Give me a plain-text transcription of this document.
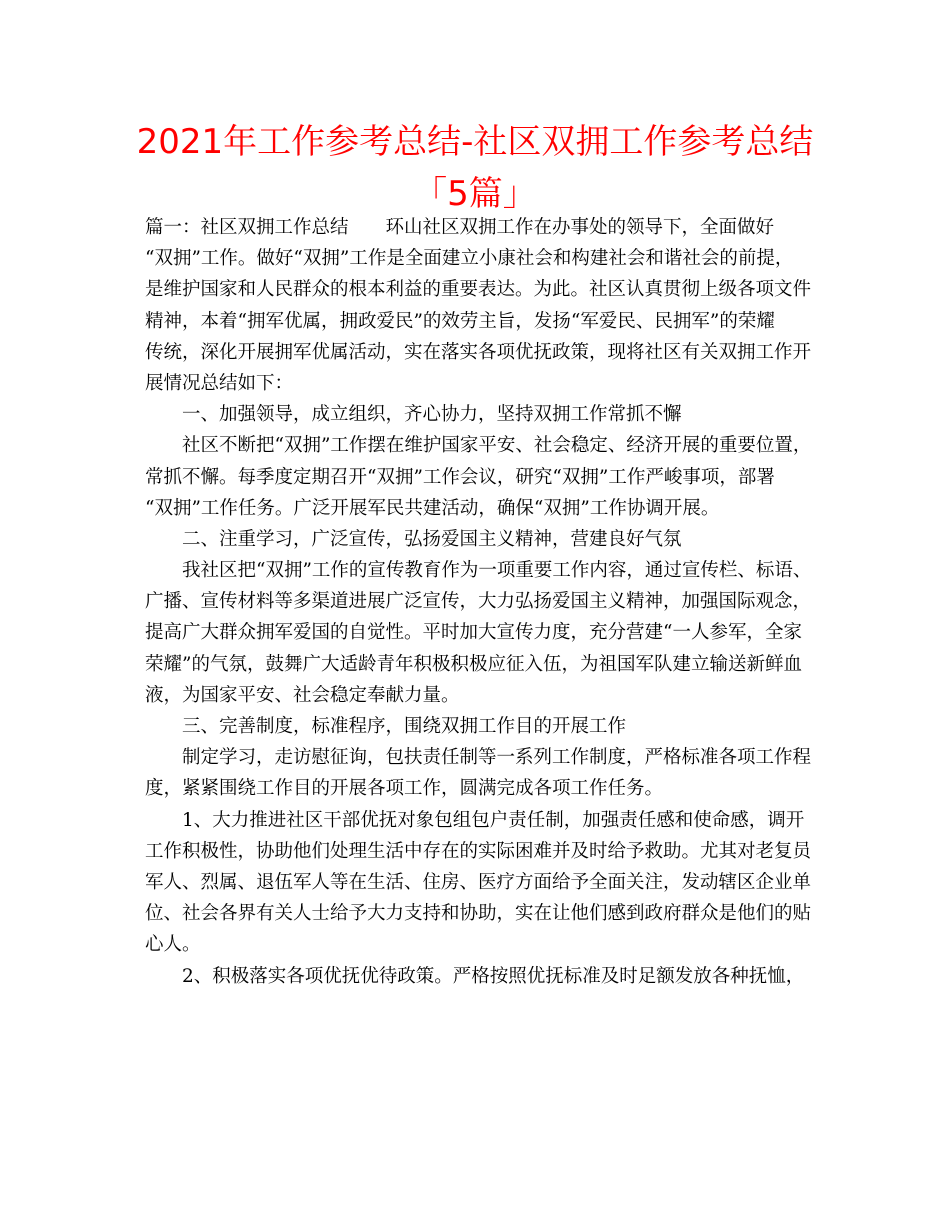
2021年工作参考总结-社区双拥工作参考总结
「5篇」
篇一：社区双拥工作总结　　环山社区双拥工作在办事处的领导下，全面做好
“双拥”工作。做好“双拥”工作是全面建立小康社会和构建社会和谐社会的前提，
是维护国家和人民群众的根本利益的重要表达。为此。社区认真贯彻上级各项文件
精神，本着“拥军优属，拥政爱民”的效劳主旨，发扬“军爱民、民拥军”的荣耀
传统，深化开展拥军优属活动，实在落实各项优抚政策，现将社区有关双拥工作开
展情况总结如下：
一、加强领导，成立组织，齐心协力，坚持双拥工作常抓不懈
社区不断把“双拥”工作摆在维护国家平安、社会稳定、经济开展的重要位置，
常抓不懈。每季度定期召开“双拥”工作会议，研究“双拥”工作严峻事项，部署
“双拥”工作任务。广泛开展军民共建活动，确保“双拥”工作协调开展。
二、注重学习，广泛宣传，弘扬爱国主义精神，营建良好气氛
我社区把“双拥”工作的宣传教育作为一项重要工作内容，通过宣传栏、标语、
广播、宣传材料等多渠道进展广泛宣传，大力弘扬爱国主义精神，加强国际观念，
提高广大群众拥军爱国的自觉性。平时加大宣传力度，充分营建“一人参军，全家
荣耀”的气氛，鼓舞广大适龄青年积极积极应征入伍，为祖国军队建立输送新鲜血
液，为国家平安、社会稳定奉献力量。
三、完善制度，标准程序，围绕双拥工作目的开展工作
制定学习，走访慰征询，包扶责任制等一系列工作制度，严格标准各项工作程
度，紧紧围绕工作目的开展各项工作，圆满完成各项工作任务。
1、大力推进社区干部优抚对象包组包户责任制，加强责任感和使命感，调开
工作积极性，协助他们处理生活中存在的实际困难并及时给予救助。尤其对老复员
军人、烈属、退伍军人等在生活、住房、医疗方面给予全面关注，发动辖区企业单
位、社会各界有关人士给予大力支持和协助，实在让他们感到政府群众是他们的贴
心人。
2、积极落实各项优抚优待政策。严格按照优抚标准及时足额发放各种抚恤，
